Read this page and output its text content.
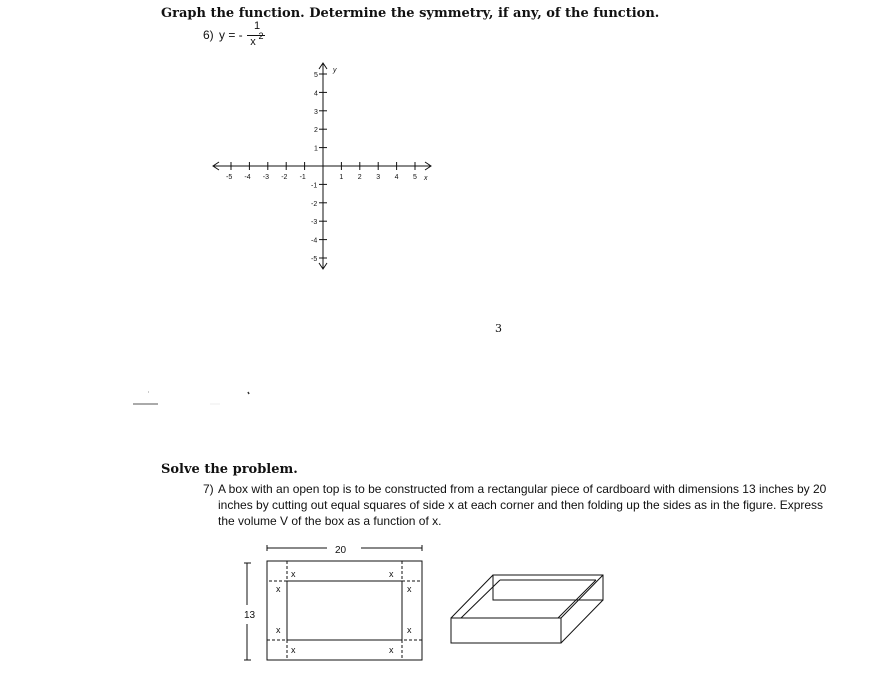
Graph the function. Determine the symmetry, if any, of the function.
6) y = -
1
x 2
-5 -4 -3 -2 -1	1 2 3 4 5
1
2
3
4
5
-1
-2
-3
-4
-5
y
x
3
Solve the problem.
7) A box with an open top is to be constructed from a rectangular piece of cardboard with dimensions 13 inches by 20
inches by cutting out equal squares of side x at each corner and then folding up the sides as in the figure. Express
the volume V of the box as a function of x.
20
13
x
x
x
x
x
x
x
x
